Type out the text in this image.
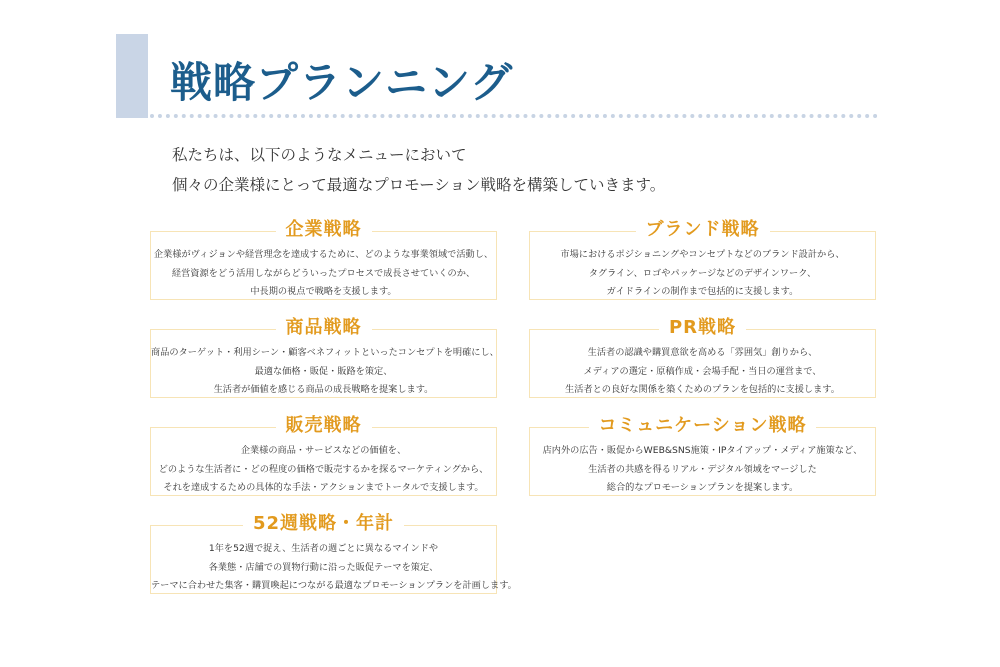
戦略プランニング

私たちは、以下のようなメニューにおいて

個々の企業様にとって最適なプロモーション戦略を構築していきます。

企業戦略

企業様がヴィジョンや経営理念を達成するために、どのような事業領域で活動し、

経営資源をどう活用しながらどういったプロセスで成長させていくのか、

中長期の視点で戦略を支援します。

ブランド戦略

市場におけるポジショニングやコンセプトなどのブランド設計から、

タグライン、ロゴやパッケージなどのデザインワーク、

ガイドラインの制作まで包括的に支援します。

商品戦略

商品のターゲット・利用シーン・顧客ベネフィットといったコンセプトを明確にし、

最適な価格・販促・販路を策定、

生活者が価値を感じる商品の成長戦略を提案します。

PR戦略

生活者の認識や購買意欲を高める「雰囲気」創りから、

メディアの選定・原稿作成・会場手配・当日の運営まで、

生活者との良好な関係を築くためのプランを包括的に支援します。

販売戦略

企業様の商品・サービスなどの価値を、

どのような生活者に・どの程度の価格で販売するかを探るマーケティングから、

それを達成するための具体的な手法・アクションまでトータルで支援します。

コミュニケーション戦略

店内外の広告・販促からWEB&SNS施策・IPタイアップ・メディア施策など、

生活者の共感を得るリアル・デジタル領域をマージした

総合的なプロモーションプランを提案します。

52週戦略・年計

1年を52週で捉え、生活者の週ごとに異なるマインドや

各業態・店舗での買物行動に沿った販促テーマを策定、

テーマに合わせた集客・購買喚起につながる最適なプロモーションプランを計画します。
